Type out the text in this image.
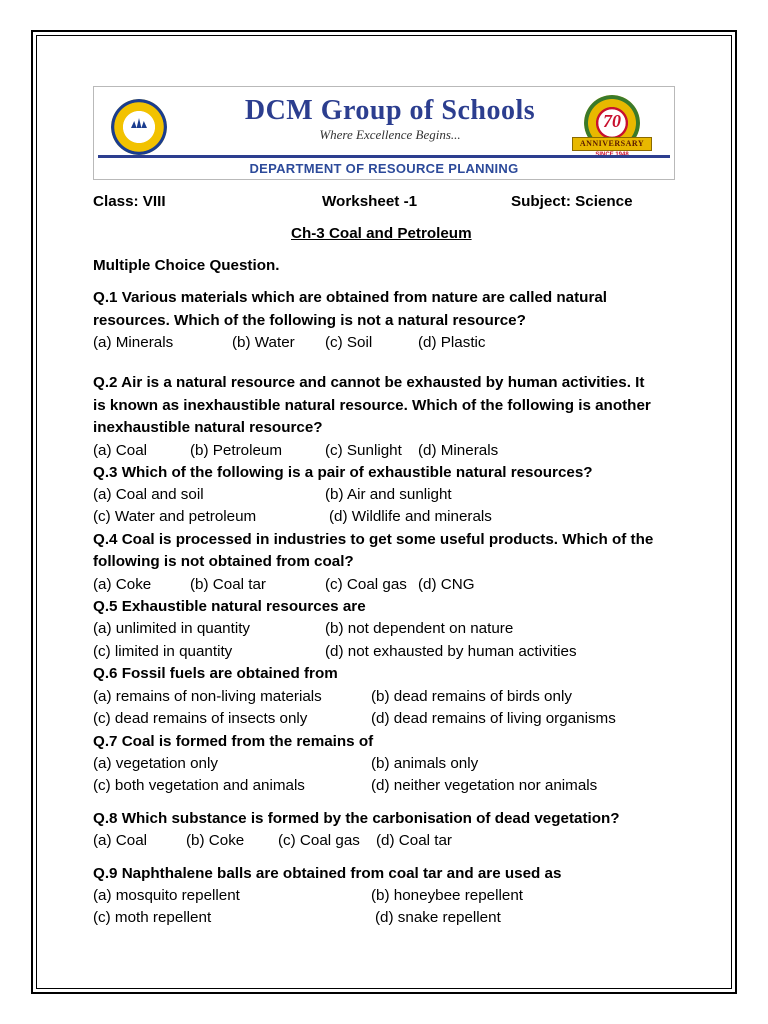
DCM Group of Schools
Where Excellence Begins...
70
ANNIVERSARY
DEPARTMENT OF RESOURCE PLANNING
Class: VIII	Worksheet -1	Subject: Science
Ch-3 Coal and Petroleum
Multiple Choice Question.
Q.1 Various materials which are obtained from nature are called natural
resources. Which of the following is not a natural resource?
(a) Minerals	(b) Water (c) Soil	(d) Plastic
Q.2 Air is a natural resource and cannot be exhausted by human activities. It
is known as inexhaustible natural resource. Which of the following is another
inexhaustible natural resource?
(a) Coal	(b) Petroleum	(c) Sunlight (d) Minerals
Q.3 Which of the following is a pair of exhaustible natural resources?
(a) Coal and soil	(b) Air and sunlight
(c) Water and petroleum	(d) Wildlife and minerals
Q.4 Coal is processed in industries to get some useful products. Which of the
following is not obtained from coal?
(a) Coke	(b) Coal tar	(c) Coal gas (d) CNG
Q.5 Exhaustible natural resources are
(a) unlimited in quantity	(b) not dependent on nature
(c) limited in quantity	(d) not exhausted by human activities
Q.6 Fossil fuels are obtained from
(a) remains of non-living materials	(b) dead remains of birds only
(c) dead remains of insects only	(d) dead remains of living organisms
Q.7 Coal is formed from the remains of
(a) vegetation only	(b) animals only
(c) both vegetation and animals	(d) neither vegetation nor animals
Q.8 Which substance is formed by the carbonisation of dead vegetation?
(a) Coal	(b) Coke (c) Coal gas (d) Coal tar
Q.9 Naphthalene balls are obtained from coal tar and are used as
(a) mosquito repellent	(b) honeybee repellent
(c) moth repellent	(d) snake repellent
